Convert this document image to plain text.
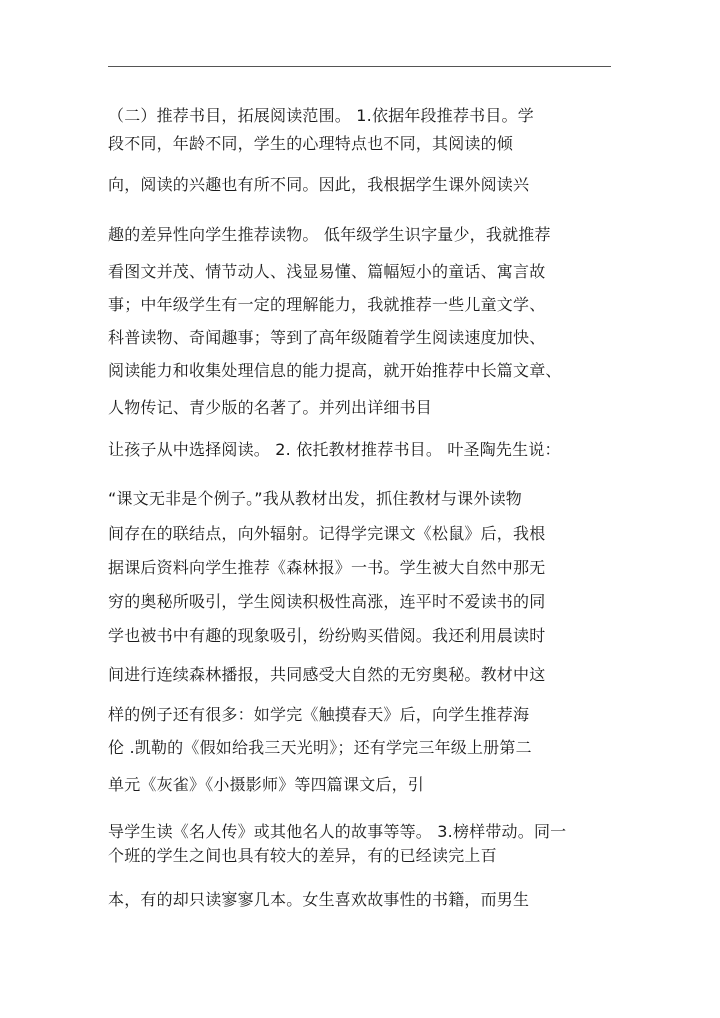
（二）推荐书目，拓展阅读范围。 1.依据年段推荐书目。学

段不同，年龄不同，学生的心理特点也不同，其阅读的倾

向，阅读的兴趣也有所不同。因此，我根据学生课外阅读兴

趣的差异性向学生推荐读物。 低年级学生识字量少，我就推荐

看图文并茂、情节动人、浅显易懂、篇幅短小的童话、寓言故

事；中年级学生有一定的理解能力，我就推荐一些儿童文学、

科普读物、奇闻趣事；等到了高年级随着学生阅读速度加快、

阅读能力和收集处理信息的能力提高，就开始推荐中长篇文章、

人物传记、青少版的名著了。并列出详细书目

让孩子从中选择阅读。 2. 依托教材推荐书目。 叶圣陶先生说：

“课文无非是个例子。”我从教材出发，抓住教材与课外读物

间存在的联结点，向外辐射。记得学完课文《松鼠》后，我根

据课后资料向学生推荐《森林报》一书。学生被大自然中那无

穷的奥秘所吸引，学生阅读积极性高涨，连平时不爱读书的同

学也被书中有趣的现象吸引，纷纷购买借阅。我还利用晨读时

间进行连续森林播报，共同感受大自然的无穷奥秘。教材中这

样的例子还有很多：如学完《触摸春天》后，向学生推荐海

伦 .凯勒的《假如给我三天光明》；还有学完三年级上册第二

单元《灰雀》《小摄影师》等四篇课文后，引

导学生读《名人传》或其他名人的故事等等。 3.榜样带动。同一

个班的学生之间也具有较大的差异，有的已经读完上百

本，有的却只读寥寥几本。女生喜欢故事性的书籍，而男生
